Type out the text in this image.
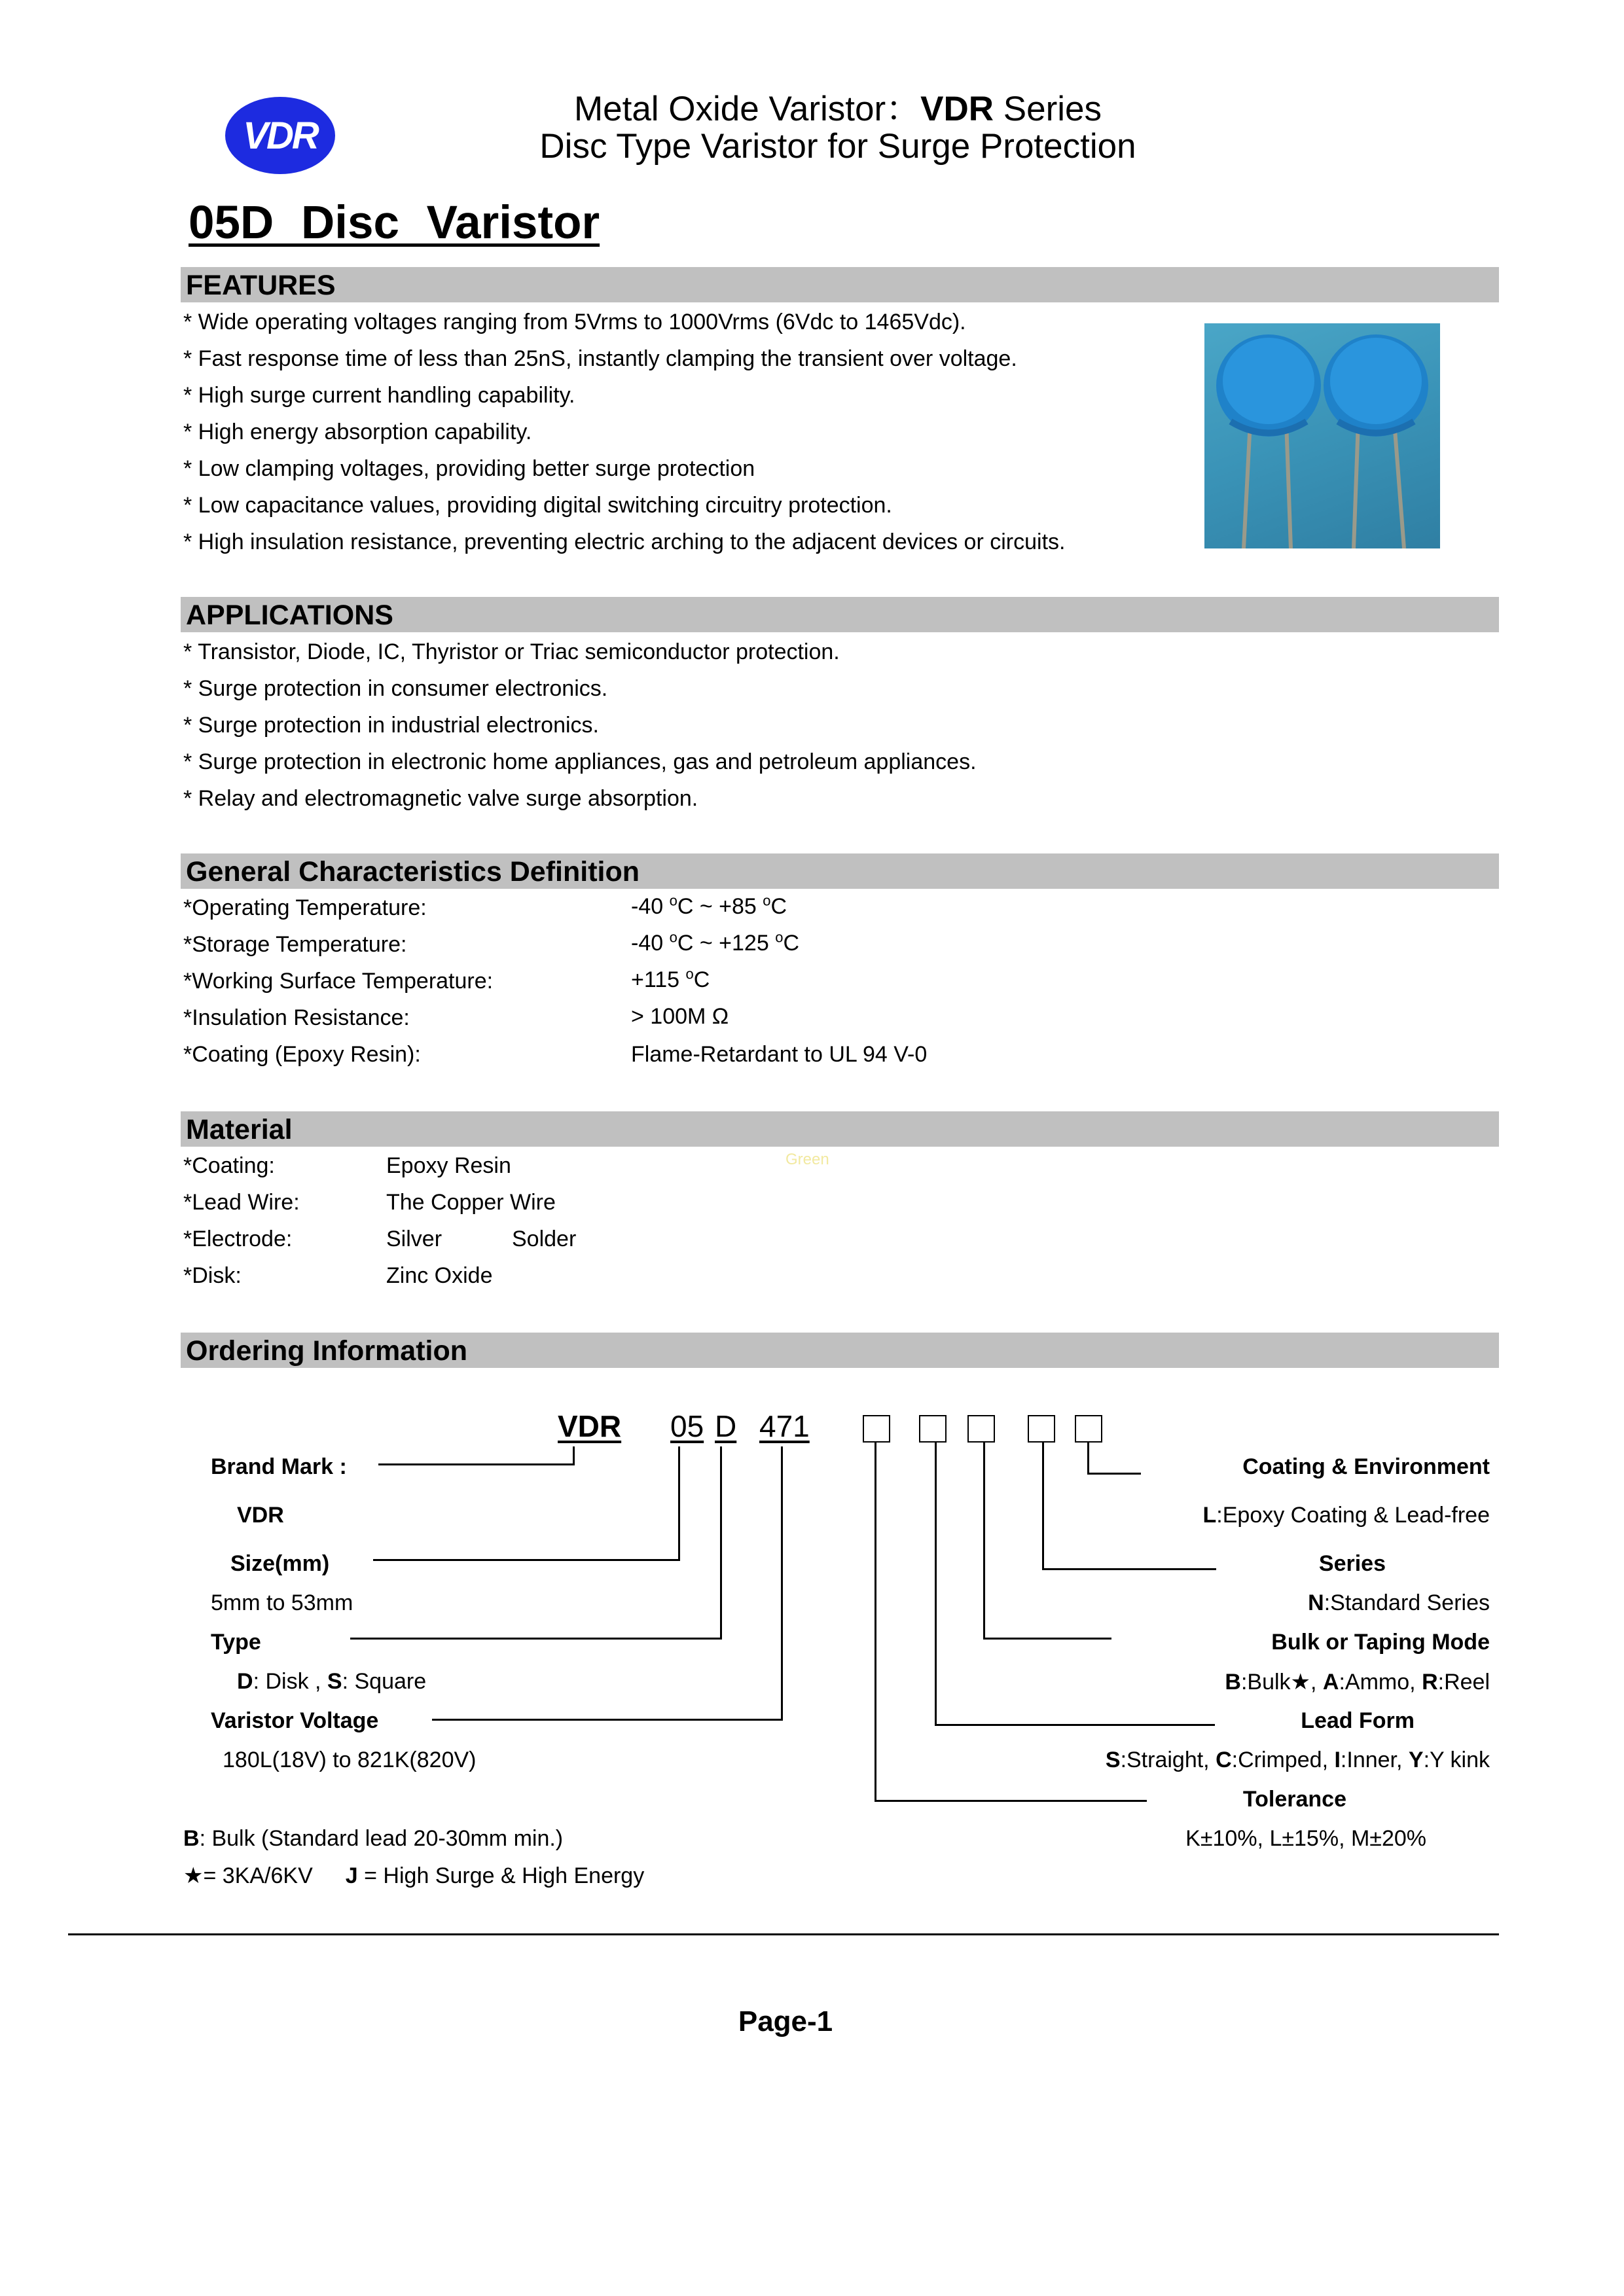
VDR
Metal Oxide Varistor：VDR Series
Disc Type Varistor for Surge Protection
05D Disc Varistor
FEATURES
* Wide operating voltages ranging from 5Vrms to 1000Vrms (6Vdc to 1465Vdc).
* Fast response time of less than 25nS, instantly clamping the transient over voltage.
* High surge current handling capability.
* High energy absorption capability.
* Low clamping voltages, providing better surge protection
* Low capacitance values, providing digital switching circuitry protection.
* High insulation resistance, preventing electric arching to the adjacent devices or circuits.
APPLICATIONS
* Transistor, Diode, IC, Thyristor or Triac semiconductor protection.
* Surge protection in consumer electronics.
* Surge protection in industrial electronics.
* Surge protection in electronic home appliances, gas and petroleum appliances.
* Relay and electromagnetic valve surge absorption.
General Characteristics Definition
*Operating Temperature:	-40 $^o$C ~ +85 $^o$C
*Storage Temperature:	-40 $^o$C ~ +125 $^o$C
*Working Surface Temperature:	+115 $^o$C
*Insulation Resistance:	> 100M Ω
*Coating (Epoxy Resin):	Flame-Retardant to UL 94 V-0
Material
Green
*Coating:	Epoxy Resin
*Lead Wire:	The Copper Wire
*Electrode:	Silver	Solder
*Disk:	Zinc Oxide
Ordering Information
VDR 05 D 471
Brand Mark :
VDR
Size(mm)
5mm to 53mm
Type
D: Disk , S: Square
Varistor Voltage
180L(18V) to 821K(820V)
Coating & Environment
L:Epoxy Coating & Lead-free
Series
N:Standard Series
Bulk or Taping Mode
B:Bulk★, A:Ammo, R:Reel
Lead Form
S:Straight, C:Crimped, I:Inner, Y:Y kink
Tolerance
K±10%, L±15%, M±20%
B: Bulk (Standard lead 20-30mm min.)
★= 3KA/6KV J = High Surge & High Energy
Page-1
